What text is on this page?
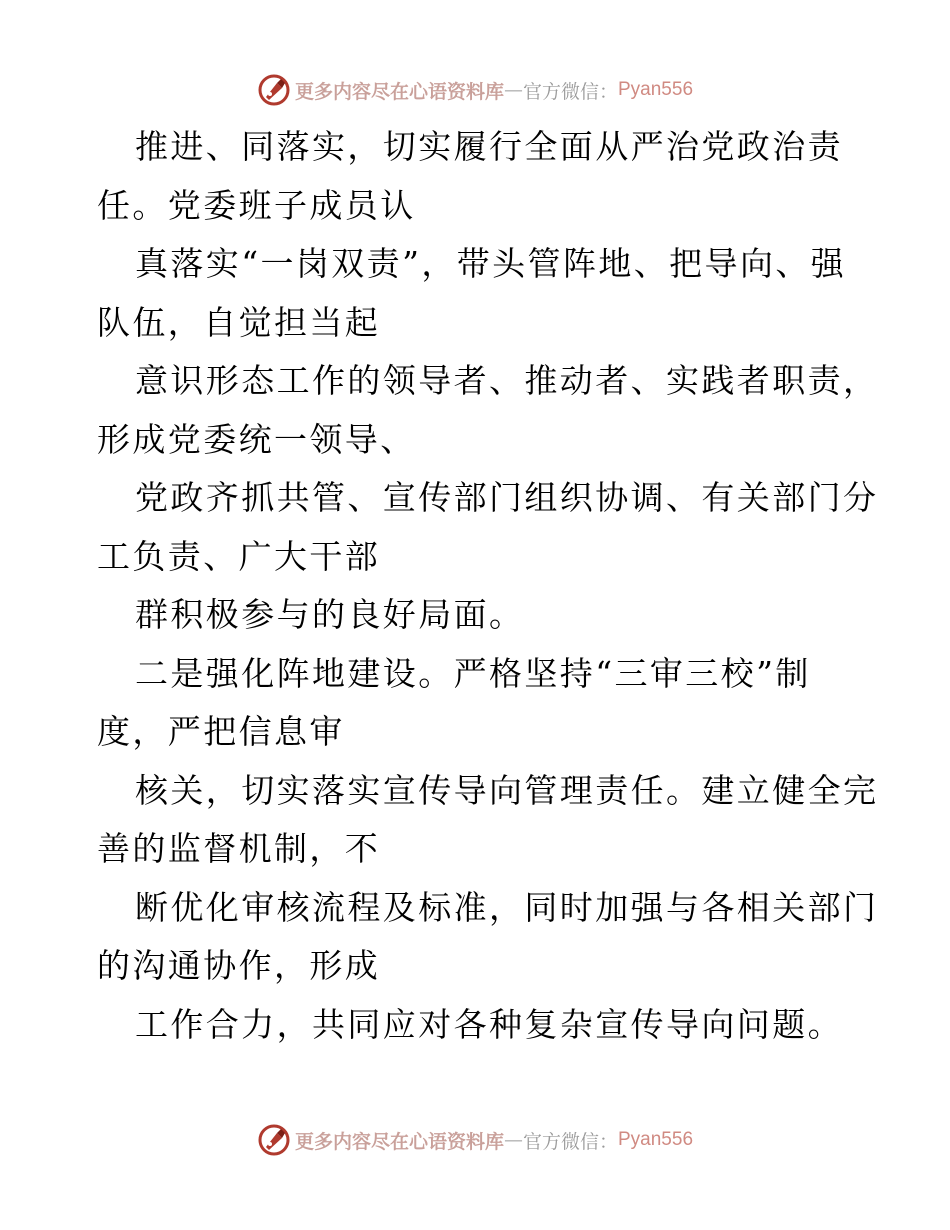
更多内容尽在心语资料库 — 官方微信： Pyan556
推进、同落实，切实履行全面从严治党政治责
任。党委班子成员认
真落实“一岗双责”，带头管阵地、把导向、强
队伍，自觉担当起
意识形态工作的领导者、推动者、实践者职责，
形成党委统一领导、
党政齐抓共管、宣传部门组织协调、有关部门分
工负责、广大干部
群积极参与的良好局面。
二是强化阵地建设。严格坚持“三审三校”制
度，严把信息审
核关，切实落实宣传导向管理责任。建立健全完
善的监督机制，不
断优化审核流程及标准，同时加强与各相关部门
的沟通协作，形成
工作合力，共同应对各种复杂宣传导向问题。
更多内容尽在心语资料库 — 官方微信： Pyan556
